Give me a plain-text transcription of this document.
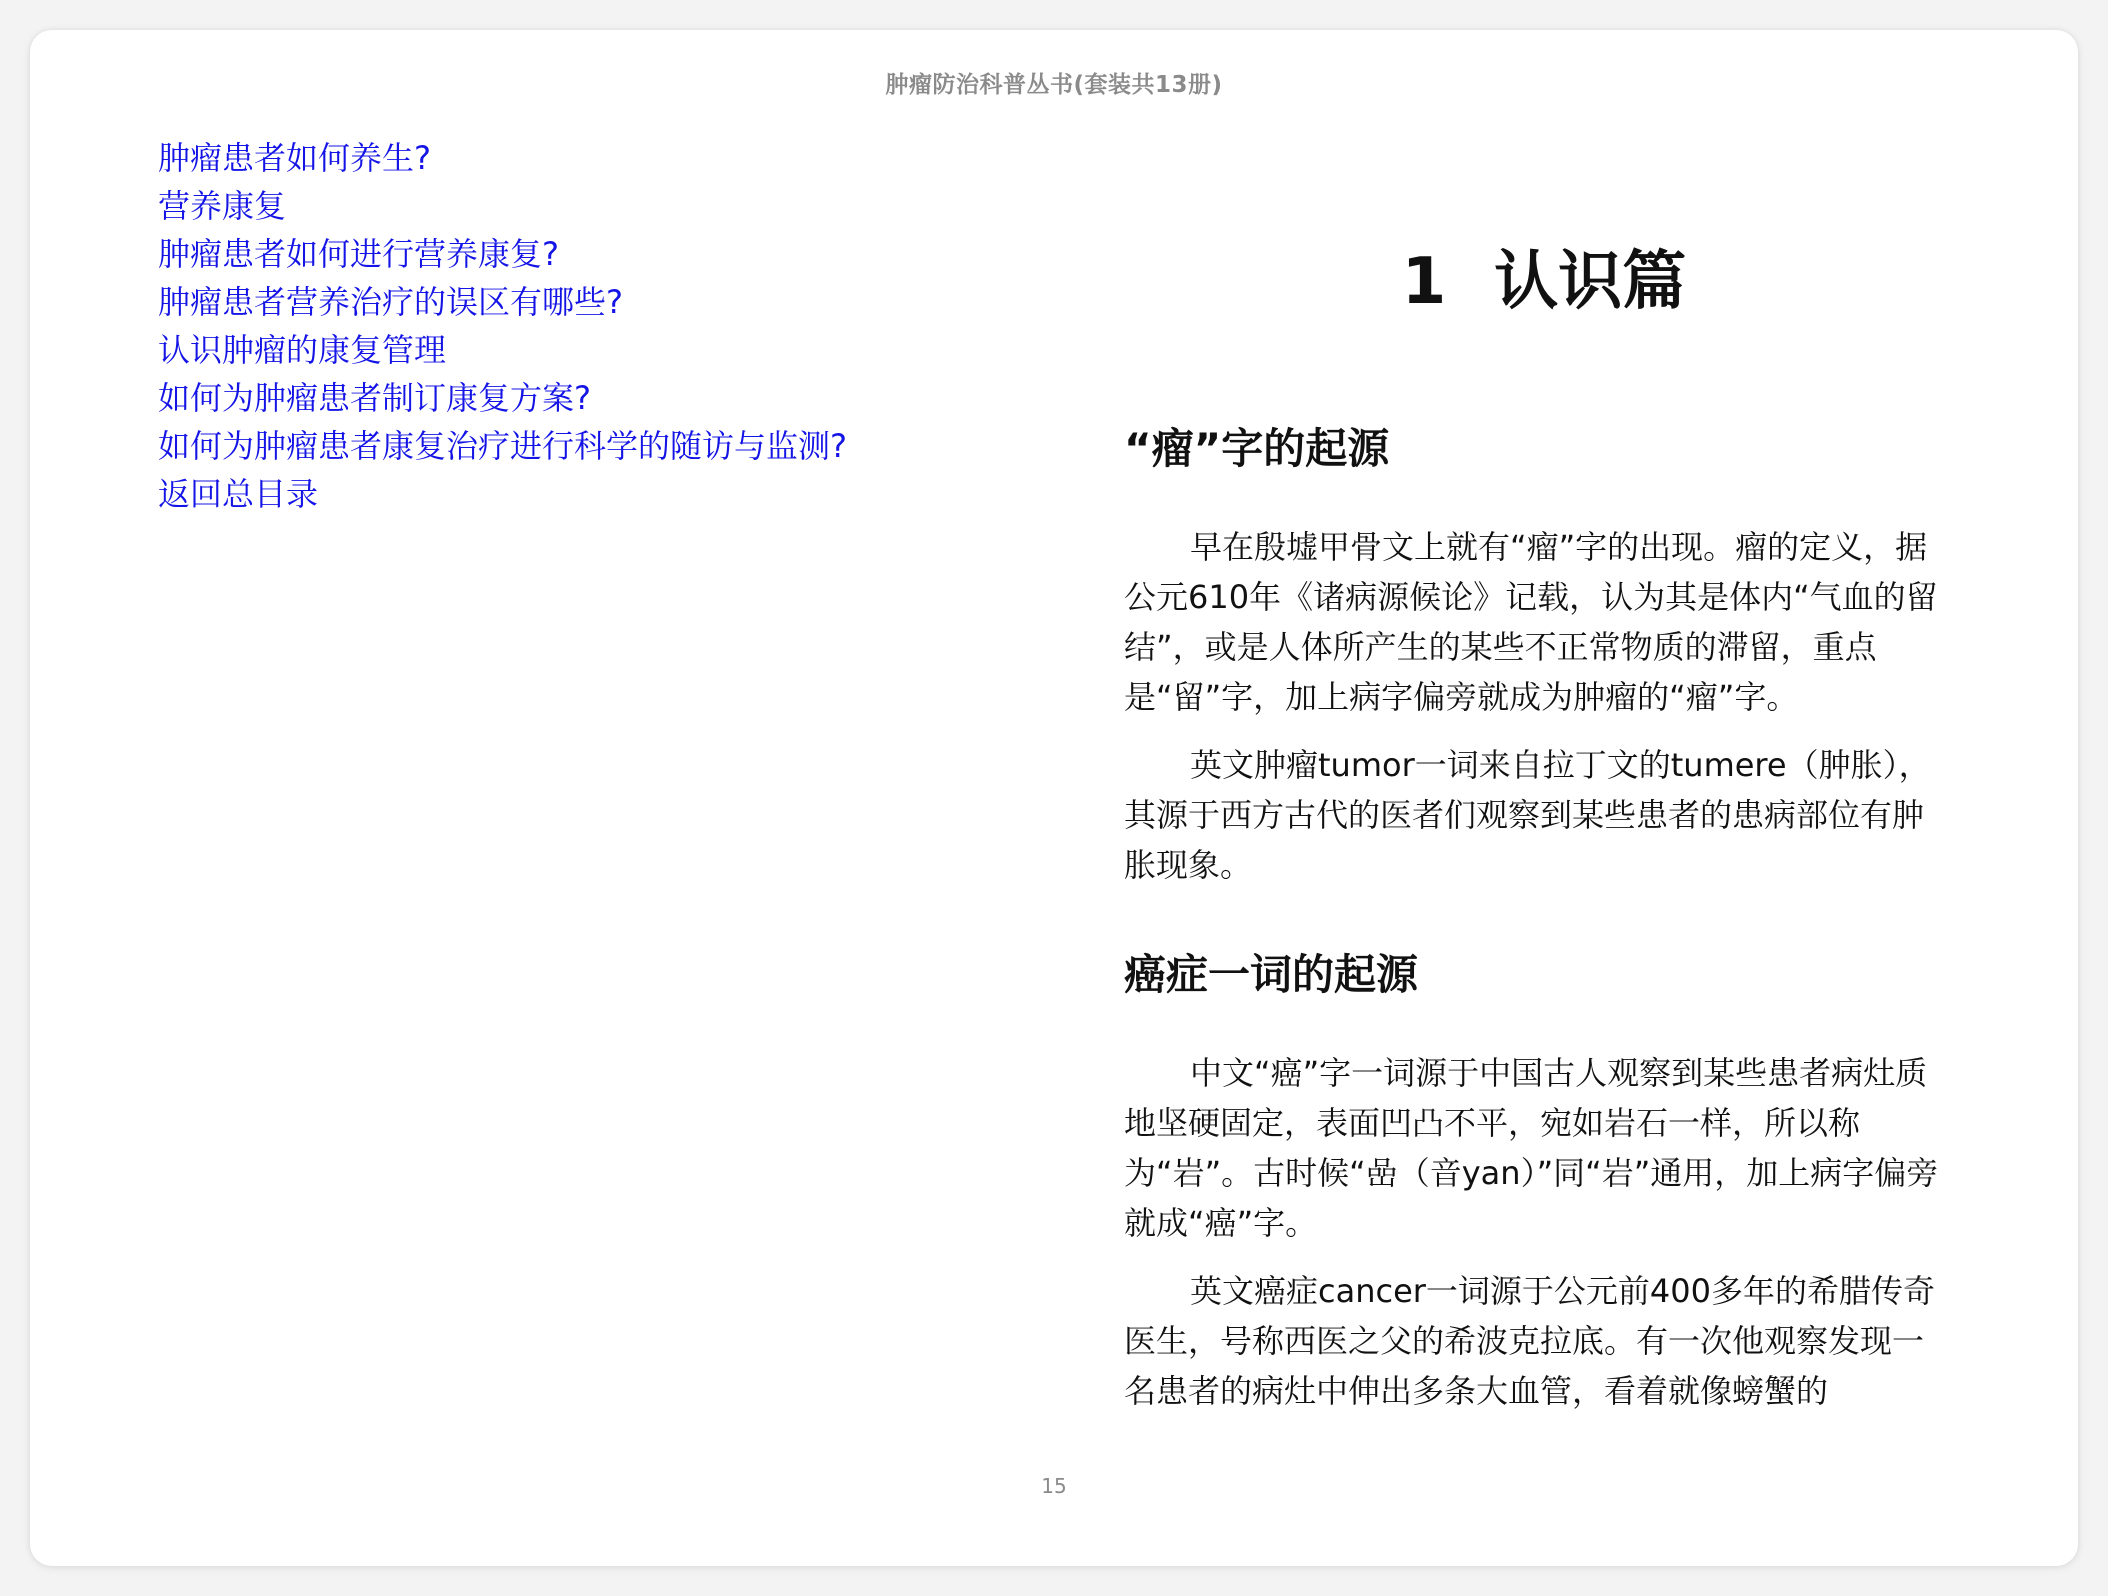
肿瘤防治科普丛书(套装共13册)
肿瘤患者如何养生?
营养康复
肿瘤患者如何进行营养康复?
肿瘤患者营养治疗的误区有哪些?
认识肿瘤的康复管理
如何为肿瘤患者制订康复方案?
如何为肿瘤患者康复治疗进行科学的随访与监测?
返回总目录
1 认识篇
“瘤”字的起源

早在殷墟甲骨文上就有“瘤”字的出现。瘤的定义，据公元610年《诸病源候论》记载，认为其是体内“气血的留结”，或是人体所产生的某些不正常物质的滞留，重点是“留”字，加上病字偏旁就成为肿瘤的“瘤”字。

英文肿瘤tumor一词来自拉丁文的tumere（肿胀），其源于西方古代的医者们观察到某些患者的患病部位有肿胀现象。

癌症一词的起源

中文“癌”字一词源于中国古人观察到某些患者病灶质地坚硬固定，表面凹凸不平，宛如岩石一样，所以称为“岩”。古时候“嵒（音yan）”同“岩”通用，加上病字偏旁就成“癌”字。

英文癌症cancer一词源于公元前400多年的希腊传奇医生，号称西医之父的希波克拉底。有一次他观察发现一名患者的病灶中伸出多条大血管，看着就像螃蟹的

15
